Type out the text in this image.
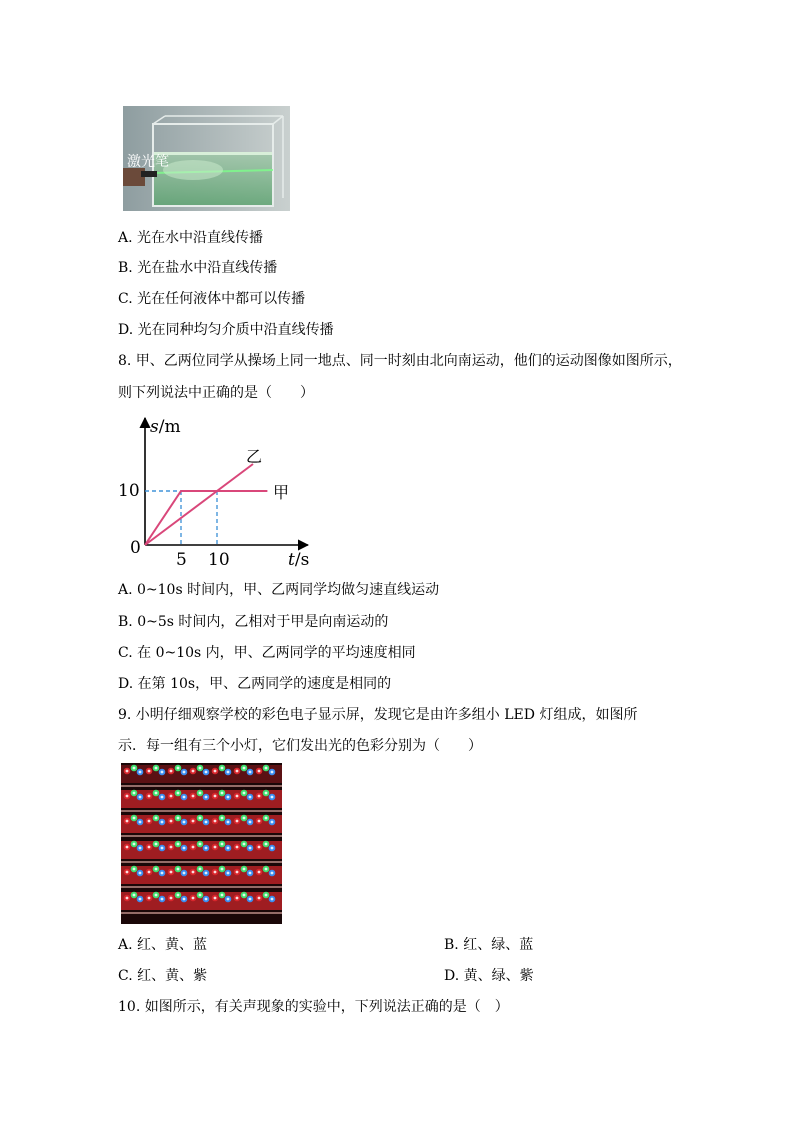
激光笔
A. 光在水中沿直线传播
B. 光在盐水中沿直线传播
C. 光在任何液体中都可以传播
D. 光在同种均匀介质中沿直线传播
8. 甲、乙两位同学从操场上同一地点、同一时刻由北向南运动，他们的运动图像如图所示，
则下列说法中正确的是（　　）
s/m
t/s
0
10
5 10
甲
乙
A. 0~10s 时间内，甲、乙两同学均做匀速直线运动
B. 0~5s 时间内，乙相对于甲是向南运动的
C. 在 0~10s 内，甲、乙两同学的平均速度相同
D. 在第 10s，甲、乙两同学的速度是相同的
9. 小明仔细观察学校的彩色电子显示屏，发现它是由许多组小 LED 灯组成，如图所
示．每一组有三个小灯，它们发出光的色彩分别为（　　）
A. 红、黄、蓝	B. 红、绿、蓝
C. 红、黄、紫	D. 黄、绿、紫
10. 如图所示，有关声现象的实验中，下列说法正确的是（　）
